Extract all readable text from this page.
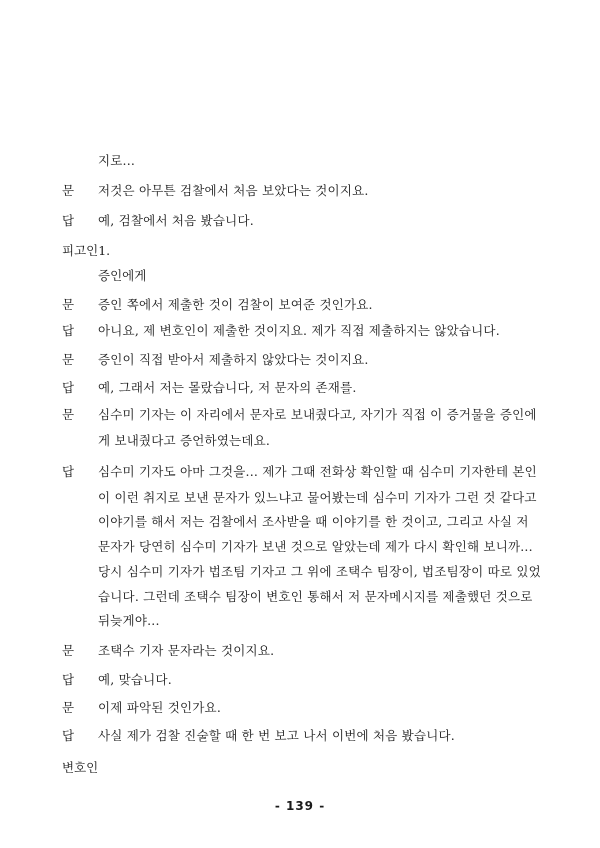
지로...
문 저것은 아무튼 검찰에서 처음 보았다는 것이지요.
답 예, 검찰에서 처음 봤습니다.
피고인1.
증인에게
문 증인 쪽에서 제출한 것이 검찰이 보여준 것인가요.
답 아니요, 제 변호인이 제출한 것이지요. 제가 직접 제출하지는 않았습니다.
문 증인이 직접 받아서 제출하지 않았다는 것이지요.
답 예, 그래서 저는 몰랐습니다, 저 문자의 존재를.
문 심수미 기자는 이 자리에서 문자로 보내줬다고, 자기가 직접 이 증거물을 증인에
게 보내줬다고 증언하였는데요.
답 심수미 기자도 아마 그것을... 제가 그때 전화상 확인할 때 심수미 기자한테 본인
이 이런 취지로 보낸 문자가 있느냐고 물어봤는데 심수미 기자가 그런 것 같다고
이야기를 해서 저는 검찰에서 조사받을 때 이야기를 한 것이고, 그리고 사실 저
문자가 당연히 심수미 기자가 보낸 것으로 알았는데 제가 다시 확인해 보니까...
당시 심수미 기자가 법조팀 기자고 그 위에 조택수 팀장이, 법조팀장이 따로 있었
습니다. 그런데 조택수 팀장이 변호인 통해서 저 문자메시지를 제출했던 것으로
뒤늦게야...
문 조택수 기자 문자라는 것이지요.
답 예, 맞습니다.
문 이제 파악된 것인가요.
답 사실 제가 검찰 진술할 때 한 번 보고 나서 이번에 처음 봤습니다.
변호인
- 139 -
